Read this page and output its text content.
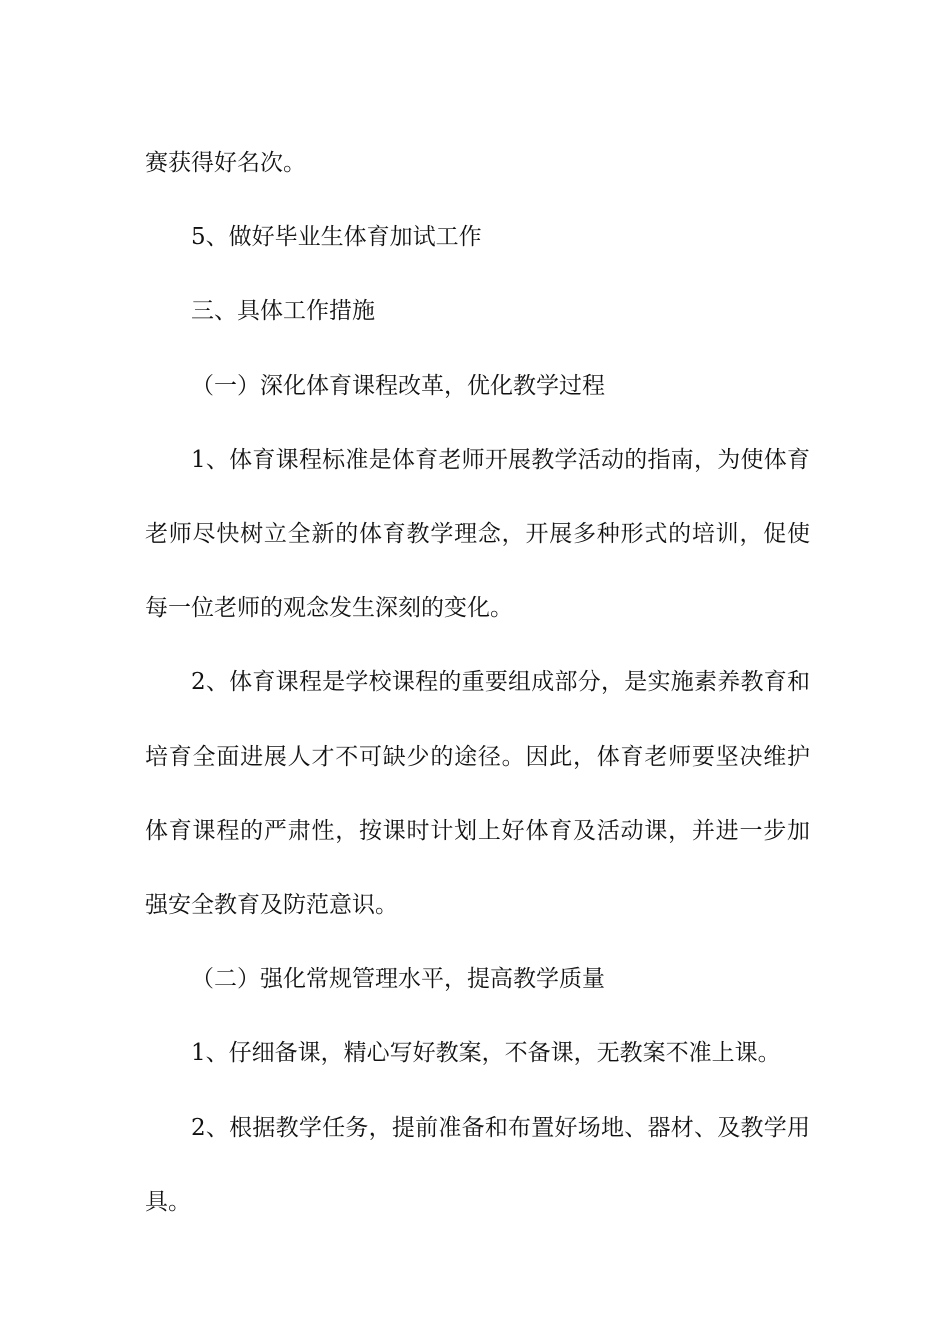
赛获得好名次。

5、做好毕业生体育加试工作

三、具体工作措施

（一）深化体育课程改革，优化教学过程

1、体育课程标准是体育老师开展教学活动的指南，为使体育老师尽快树立全新的体育教学理念，开展多种形式的培训，促使每一位老师的观念发生深刻的变化。

2、体育课程是学校课程的重要组成部分，是实施素养教育和培育全面进展人才不可缺少的途径。因此，体育老师要坚决维护体育课程的严肃性，按课时计划上好体育及活动课，并进一步加强安全教育及防范意识。

（二）强化常规管理水平，提高教学质量

1、仔细备课，精心写好教案，不备课，无教案不准上课。

2、根据教学任务，提前准备和布置好场地、器材、及教学用具。
